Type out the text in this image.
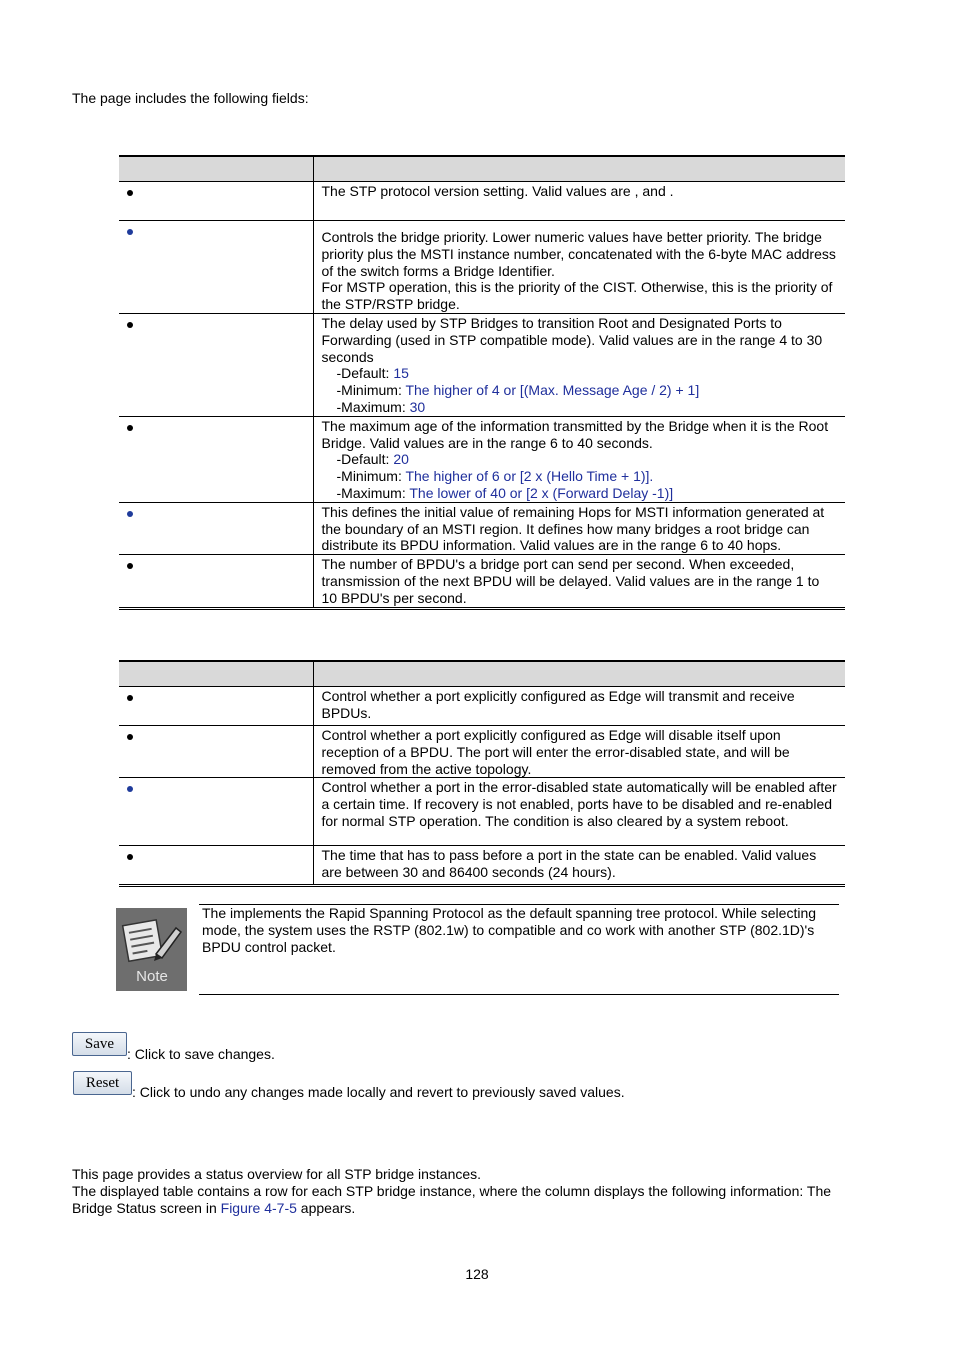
The page includes the following fields:

	The STP protocol version setting. Valid values are , and .
	Controls the bridge priority. Lower numeric values have better priority. The bridge priority plus the MSTI instance number, concatenated with the 6-byte MAC address of the switch forms a Bridge Identifier.
For MSTP operation, this is the priority of the CIST. Otherwise, this is the priority of the STP/RSTP bridge.
	The delay used by STP Bridges to transition Root and Designated Ports to Forwarding (used in STP compatible mode). Valid values are in the range 4 to 30 seconds
-Default: 15
-Minimum: The higher of 4 or [(Max. Message Age / 2) + 1]
-Maximum: 30

	The maximum age of the information transmitted by the Bridge when it is the Root Bridge. Valid values are in the range 6 to 40 seconds.
-Default: 20
-Minimum: The higher of 6 or [2 x (Hello Time + 1)].
-Maximum: The lower of 40 or [2 x (Forward Delay -1)]

	This defines the initial value of remaining Hops for MSTI information generated at the boundary of an MSTI region. It defines how many bridges a root bridge can distribute its BPDU information. Valid values are in the range 6 to 40 hops.
	The number of BPDU's a bridge port can send per second. When exceeded, transmission of the next BPDU will be delayed. Valid values are in the range 1 to 10 BPDU's per second.

	Control whether a port explicitly configured as Edge will transmit and receive BPDUs.
	Control whether a port explicitly configured as Edge will disable itself upon reception of a BPDU. The port will enter the error-disabled state, and will be removed from the active topology.
	Control whether a port in the error-disabled state automatically will be enabled after a certain time. If recovery is not enabled, ports have to be disabled and re-enabled for normal STP operation. The condition is also cleared by a system reboot.
	The time that has to pass before a port in the state can be enabled. Valid values are between 30 and 86400 seconds (24 hours).
Note
The implements the Rapid Spanning Protocol as the default spanning tree protocol. While selecting mode, the system uses the RSTP (802.1w) to compatible and co work with another STP (802.1D)'s BPDU control packet.
Save
: Click to save changes.
Reset
: Click to undo any changes made locally and revert to previously saved values.
This page provides a status overview for all STP bridge instances.
The displayed table contains a row for each STP bridge instance, where the column displays the following information: The Bridge Status screen in Figure 4-7-5 appears.
128
